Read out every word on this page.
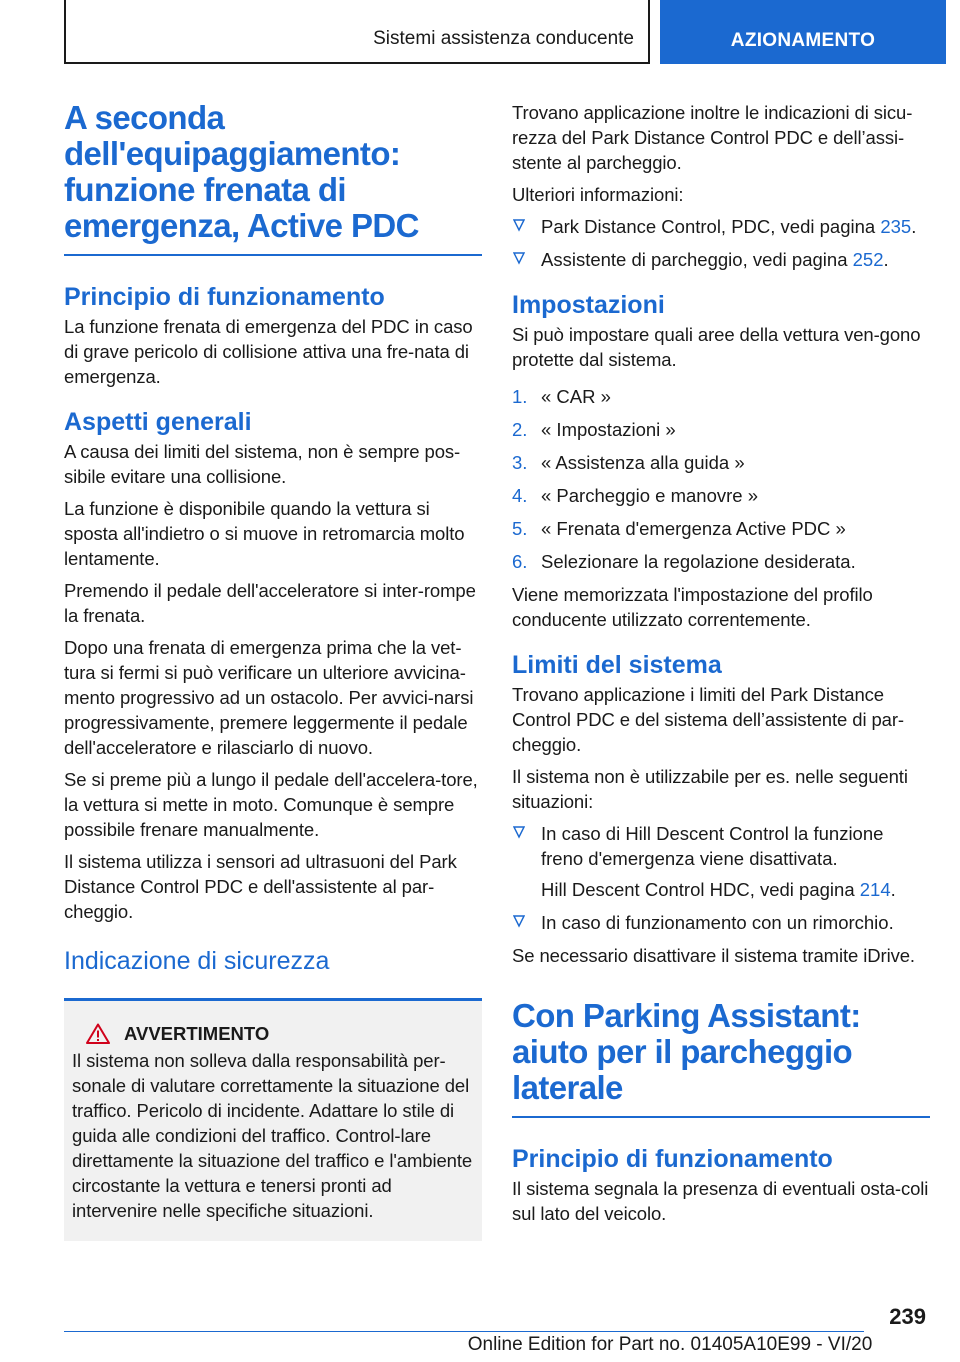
Sistemi assistenza conducente	AZIONAMENTO
A seconda dell'equipaggiamento: funzione frenata di emergenza, Active PDC
Principio di funzionamento

La funzione frenata di emergenza del PDC in caso di grave pericolo di collisione attiva una fre-nata di emergenza.

Aspetti generali

A causa dei limiti del sistema, non è sempre pos-sibile evitare una collisione.

La funzione è disponibile quando la vettura si sposta all'indietro o si muove in retromarcia molto lentamente.

Premendo il pedale dell'acceleratore si inter-rompe la frenata.

Dopo una frenata di emergenza prima che la vet-tura si fermi si può verificare un ulteriore avvicina-mento progressivo ad un ostacolo. Per avvici-narsi progressivamente, premere leggermente il pedale dell'acceleratore e rilasciarlo di nuovo.

Se si preme più a lungo il pedale dell'accelera-tore, la vettura si mette in moto. Comunque è sempre possibile frenare manualmente.

Il sistema utilizza i sensori ad ultrasuoni del Park Distance Control PDC e dell'assistente al par-cheggio.

Indicazione di sicurezza
AVVERTIMENTO

Il sistema non solleva dalla responsabilità per-sonale di valutare correttamente la situazione del traffico. Pericolo di incidente. Adattare lo stile di guida alle condizioni del traffico. Control-lare direttamente la situazione del traffico e l'ambiente circostante la vettura e tenersi pronti ad intervenire nelle specifiche situazioni.

Trovano applicazione inoltre le indicazioni di sicu-rezza del Park Distance Control PDC e dell’assi-stente al parcheggio.

Ulteriori informazioni:

Park Distance Control, PDC, vedi pagina 235.
Assistente di parcheggio, vedi pagina 252.
Impostazioni

Si può impostare quali aree della vettura ven-gono protette dal sistema.

1. « CAR »
2. « Impostazioni »
3. « Assistenza alla guida »
4. « Parcheggio e manovre »
5. « Frenata d'emergenza Active PDC »
6. Selezionare la regolazione desiderata.

Viene memorizzata l'impostazione del profilo conducente utilizzato correntemente.

Limiti del sistema

Trovano applicazione i limiti del Park Distance Control PDC e del sistema dell’assistente di par-cheggio.

Il sistema non è utilizzabile per es. nelle seguenti situazioni:

In caso di Hill Descent Control la funzione freno d'emergenza viene disattivata.
Hill Descent Control HDC, vedi pagina 214.
In caso di funzionamento con un rimorchio.

Se necessario disattivare il sistema tramite iDrive.

Con Parking Assistant: aiuto per il parcheggio laterale
Principio di funzionamento

Il sistema segnala la presenza di eventuali osta-coli sul lato del veicolo.

239
Online Edition for Part no. 01405A10E99 - VI/20
